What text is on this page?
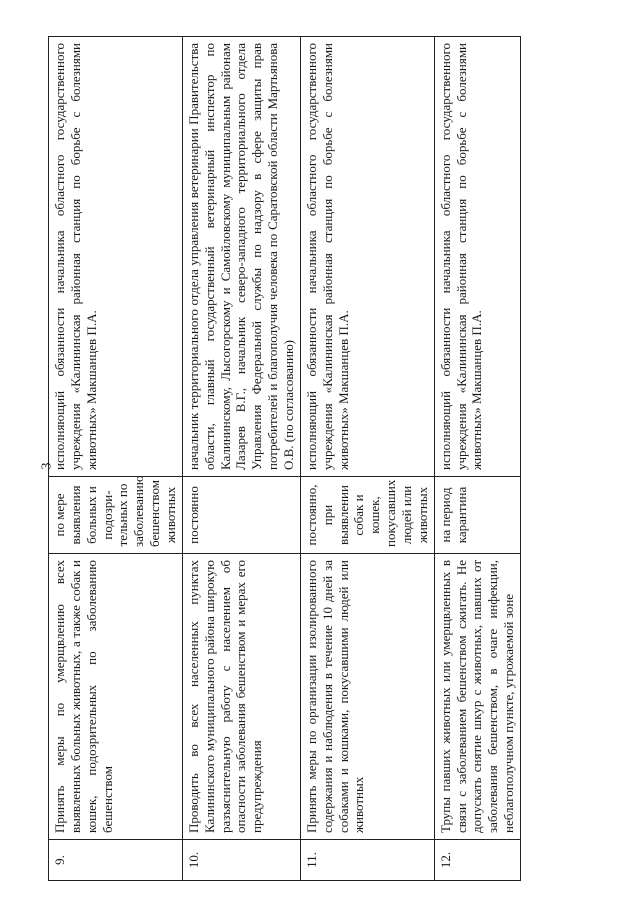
3
9.	Принять меры по умерщвлению всех выявленных больных животных, а также собак и кошек, подозрительных по заболеванию бешенством	по мере выявления больных и подозри-тельных по заболеванию бешенством животных	исполняющий обязанности начальника областного государственного учреждения «Калининская районная станция по борьбе с болезнями животных» Макшанцев П.А.
10.	Проводить во всех населенных пунктах Калининского муниципального района широкую разъяснительную работу с населением об опасности заболевания бешенством и мерах его предупреждения	постоянно	начальник территориального отдела управления ветеринарии Правительства области, главный государственный ветеринарный инспектор по Калининскому, Лысогорскому и Самойловскому муниципальным районам Лазарев В.Г., начальник северо-западного территориального отдела Управления Федеральной службы по надзору в сфере защиты прав потребителей и благополучия человека по Саратовской области Мартьянова О.В. (по согласованию)
11.	Принять меры по организации изолированного содержания и наблюдения в течение 10 дней за собаками и кошками, покусавшими людей или животных	постоянно, при выявлении собак и кошек, покусавших людей или животных	исполняющий обязанности начальника областного государственного учреждения «Калининская районная станция по борьбе с болезнями животных» Макшанцев П.А.
12.	Трупы павших животных или умерщвленных в связи с заболеванием бешенством сжигать. Не допускать снятие шкур с животных, павших от заболевания бешенством, в очаге инфекции, неблагополучном пункте, угрожаемой зоне	на период карантина	исполняющий обязанности начальника областного государственного учреждения «Калининская районная станция по борьбе с болезнями животных» Макшанцев П.А.
